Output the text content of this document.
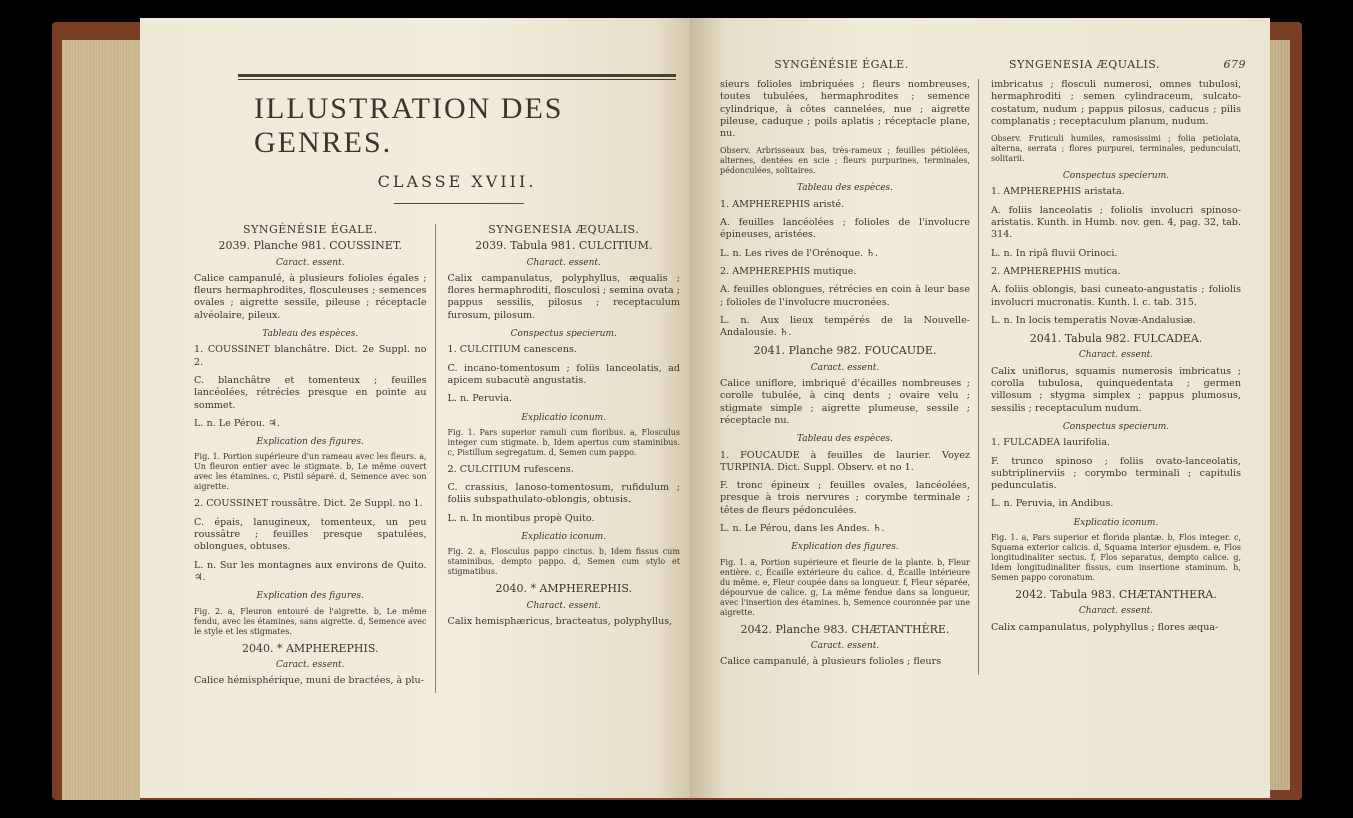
ILLUSTRATION DES GENRES.
CLASSE XVIII.
SYNGÉNÉSIE ÉGALE.
2039. Planche 981. COUSSINET.
Caract. essent.

Calice campanulé, à plusieurs folioles égales ; fleurs hermaphrodites, flosculeuses ; semences ovales ; aigrette sessile, pileuse ; réceptacle alvéolaire, pileux.

Tableau des espèces.

1. COUSSINET blanchâtre. Dict. 2e Suppl. no 2.

C. blanchâtre et tomenteux ; feuilles lancéolées, rétrécies presque en pointe au sommet.

L. n. Le Pérou. ♃.

Explication des figures.

Fig. 1. Portion supérieure d'un rameau avec les fleurs. a, Un fleuron entier avec le stigmate. b, Le même ouvert avec les étamines. c, Pistil séparé. d, Semence avec son aigrette.

2. COUSSINET roussâtre. Dict. 2e Suppl. no 1.

C. épais, lanugineux, tomenteux, un peu roussâtre ; feuilles presque spatulées, oblongues, obtuses.

L. n. Sur les montagnes aux environs de Quito. ♃.

Explication des figures.

Fig. 2. a, Fleuron entouré de l'aigrette. b, Le même fendu, avec les étamines, sans aigrette. d, Semence avec le style et les stigmates.

2040. * AMPHEREPHIS.
Caract. essent.

Calice hémisphérique, muni de bractées, à plu-

SYNGENESIA ÆQUALIS.
2039. Tabula 981. CULCITIUM.
Charact. essent.

Calix campanulatus, polyphyllus, æqualis ; flores hermaphroditi, flosculosi ; semina ovata ; pappus sessilis, pilosus ; receptaculum furosum, pilosum.

Conspectus specierum.

1. CULCITIUM canescens.

C. incano-tomentosum ; foliis lanceolatis, ad apicem subacutè angustatis.

L. n. Peruvia.

Explicatio iconum.

Fig. 1. Pars superior ramuli cum floribus. a, Flosculus integer cum stigmate. b, Idem apertus cum staminibus. c, Pistillum segregatum. d, Semen cum pappo.

2. CULCITIUM rufescens.

C. crassius, lanoso-tomentosum, rufidulum ; foliis subspathulato-oblongis, obtusis.

L. n. In montibus propè Quito.

Explicatio iconum.

Fig. 2. a, Flosculus pappo cinctus. b, Idem fissus cum staminibus, dempto pappo. d, Semen cum stylo et stigmatibus.

2040. * AMPHEREPHIS.
Charact. essent.

Calix hemisphæricus, bracteatus, polyphyllus,

SYNGÉNÉSIE ÉGALE.	SYNGENESIA ÆQUALIS.	679

sieurs folioles imbriquées ; fleurs nombreuses, toutes tubulées, hermaphrodites ; semence cylindrique, à côtes cannelées, nue ; aigrette pileuse, caduque ; poils aplatis ; réceptacle plane, nu.

Observ. Arbrisseaux bas, très-rameux ; feuilles pétiolées, alternes, dentées en scie ; fleurs purpurines, terminales, pédonculées, solitaires.

Tableau des espèces.

1. AMPHEREPHIS aristé.

A. feuilles lancéolées ; folioles de l'involucre épineuses, aristées.

L. n. Les rives de l'Orénoque. ♄.

2. AMPHEREPHIS mutique.

A. feuilles oblongues, rétrécies en coin à leur base ; folioles de l'involucre mucronées.

L. n. Aux lieux tempérés de la Nouvelle-Andalousie. ♄.

2041. Planche 982. FOUCAUDE.
Caract. essent.

Calice uniflore, imbriqué d'écailles nombreuses ; corolle tubulée, à cinq dents ; ovaire velu ; stigmate simple ; aigrette plumeuse, sessile ; réceptacle nu.

Tableau des espèces.

1. FOUCAUDE à feuilles de laurier. Voyez TURPINIA. Dict. Suppl. Observ. et no 1.

F. tronc épineux ; feuilles ovales, lancéolées, presque à trois nervures ; corymbe terminale ; têtes de fleurs pédonculées.

L. n. Le Pérou, dans les Andes. ♄.

Explication des figures.

Fig. 1. a, Portion supérieure et fleurie de la plante. b, Fleur entière. c, Écaille extérieure du calice. d, Écaille intérieure du même. e, Fleur coupée dans sa longueur. f, Fleur séparée, dépourvue de calice. g, La même fendue dans sa longueur, avec l'insertion des étamines. h, Semence couronnée par une aigrette.

2042. Planche 983. CHÆTANTHÈRE.
Caract. essent.

Calice campanulé, à plusieurs folioles ; fleurs

imbricatus ; flosculi numerosi, omnes tubulosi, hermaphroditi ; semen cylindraceum, sulcato-costatum, nudum ; pappus pilosus, caducus ; pilis complanatis ; receptaculum planum, nudum.

Observ. Fruticuli humiles, ramosissimi ; folia petiolata, alterna, serrata ; flores purpurei, terminales, pedunculati, solitarii.

Conspectus specierum.

1. AMPHEREPHIS aristata.

A. foliis lanceolatis ; foliolis involucri spinoso-aristatis. Kunth. in Humb. nov. gen. 4, pag. 32, tab. 314.

L. n. In ripâ fluvii Orinoci.

2. AMPHEREPHIS mutica.

A. foliis oblongis, basi cuneato-angustatis ; foliolis involucri mucronatis. Kunth. l. c. tab. 315.

L. n. In locis temperatis Novæ-Andalusiæ.

2041. Tabula 982. FULCADEA.
Charact. essent.

Calix uniflorus, squamis numerosis imbricatus ; corolla tubulosa, quinquedentata ; germen villosum ; stygma simplex ; pappus plumosus, sessilis ; receptaculum nudum.

Conspectus specierum.

1. FULCADEA laurifolia.

F. trunco spinoso ; foliis ovato-lanceolatis, subtriplinerviis ; corymbo terminali ; capitulis pedunculatis.

L. n. Peruvia, in Andibus.

Explicatio iconum.

Fig. 1. a, Pars superior et florida plantæ. b, Flos integer. c, Squama exterior calicis. d, Squama interior ejusdem. e, Flos longitudinaliter sectus. f, Flos separatus, dempto calice. g, Idem longitudinaliter fissus, cum insertione staminum. h, Semen pappo coronatum.

2042. Tabula 983. CHÆTANTHERA.
Charact. essent.

Calix campanulatus, polyphyllus ; flores æqua-
